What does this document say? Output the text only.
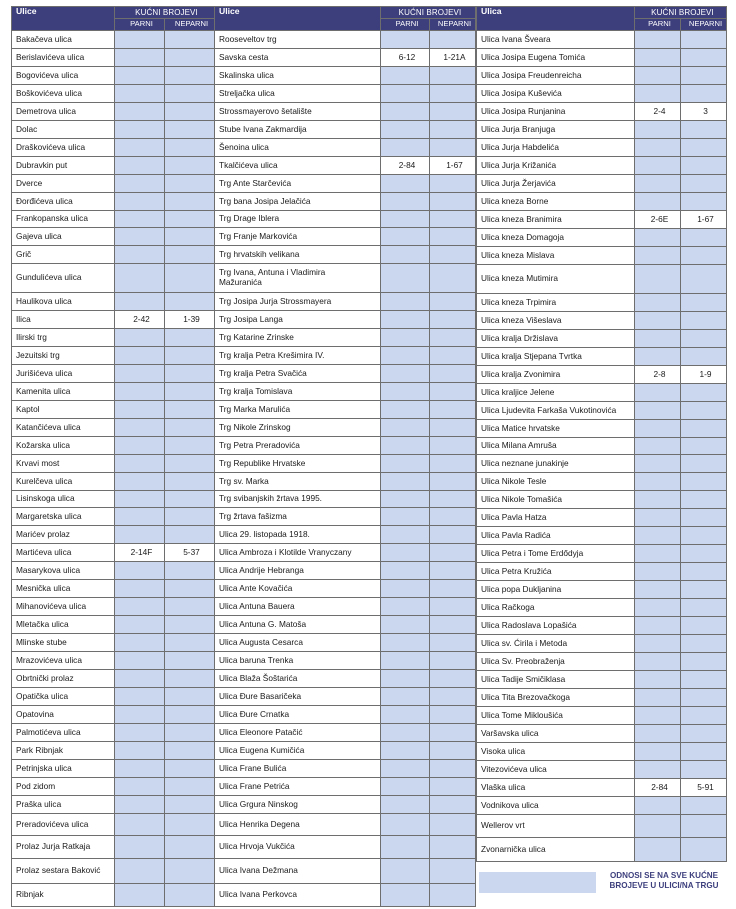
Ulice	KUĆNI BROJEVI	
	PARNI	NEPARNI
Bakačeva ulica		
Berislavićeva ulica		
Bogovićeva ulica		
Boškovićeva ulica		
Demetrova ulica		
Dolac		
Draškovićeva ulica		
Dubravkin put		
Dverce		
Đorđićeva ulica		
Frankopanska ulica		
Gajeva ulica		
Grič		
Gundulićeva ulica		
Haulikova ulica		
Ilica	2-42	1-39
Ilirski trg		
Jezuitski trg		
Jurišićeva ulica		
Kamenita ulica		
Kaptol		
Katančićeva ulica		
Kožarska ulica		
Krvavi most		
Kurelčeva ulica		
Lisinskoga ulica		
Margaretska ulica		
Marićev prolaz		
Martićeva ulica	2-14F	5-37
Masarykova ulica		
Mesnička ulica		
Mihanovićeva ulica		
Mletačka ulica		
Mlinske stube		
Mrazovićeva ulica		
Obrtnički prolaz		
Opatička ulica		
Opatovina		
Palmotićeva ulica		
Park Ribnjak		
Petrinjska ulica		
Pod zidom		
Praška ulica		
Preradovićeva ulica		
Prolaz Jurja Ratkaja		
Prolaz sestara Baković		
Ribnjak		
Ulice	KUĆNI BROJEVI	
	PARNI	NEPARNI
Rooseveltov trg		
Savska cesta	6-12	1-21A
Skalinska ulica		
Streljačka ulica		
Strossmayerovo šetalište		
Stube Ivana Zakmardija		
Šenoina ulica		
Tkalčićeva ulica	2-84	1-67
Trg Ante Starčevića		
Trg bana Josipa Jelačića		
Trg Drage Iblera		
Trg Franje Markovića		
Trg hrvatskih velikana		

Trg Ivana, Antuna i Vladimira
Mažuranića		

Trg Josipa Jurja Strossmayera		
Trg Josipa Langa		
Trg Katarine Zrinske		
Trg kralja Petra Krešimira IV.		
Trg kralja Petra Svačića		
Trg kralja Tomislava		
Trg Marka Marulića		
Trg Nikole Zrinskog		
Trg Petra Preradovića		
Trg Republike Hrvatske		
Trg sv. Marka		
Trg svibanjskih žrtava 1995.		
Trg žrtava fašizma		
Ulica 29. listopada 1918.		
Ulica Ambroza i Klotilde Vranyczany		
Ulica Andrije Hebranga		
Ulica Ante Kovačića		
Ulica Antuna Bauera		
Ulica Antuna G. Matoša		
Ulica Augusta Cesarca		
Ulica baruna Trenka		
Ulica Blaža Šoštarića		
Ulica Đure Basaričeka		
Ulica Đure Crnatka		
Ulica Eleonore Patačić		
Ulica Eugena Kumičića		
Ulica Frane Bulića		
Ulica Frane Petrića		
Ulica Grgura Ninskog		
Ulica Henrika Degena		
Ulica Hrvoja Vukčića		
Ulica Ivana Dežmana		
Ulica Ivana Perkovca		
Ulica	KUĆNI BROJEVI	
	PARNI	NEPARNI
Ulica Ivana Šveara		
Ulica Josipa Eugena Tomića		
Ulica Josipa Freudenreicha		
Ulica Josipa Kuševića		
Ulica Josipa Runjanina	2-4	3
Ulica Jurja Branjuga		
Ulica Jurja Habdelića		
Ulica Jurja Križanića		
Ulica Jurja Žerjavića		
Ulica kneza Borne		
Ulica kneza Branimira	2-6E	1-67
Ulica kneza Domagoja		
Ulica kneza Mislava		
Ulica kneza Mutimira		
Ulica kneza Trpimira		
Ulica kneza Višeslava		
Ulica kralja Držislava		
Ulica kralja Stjepana Tvrtka		
Ulica kralja Zvonimira	2-8	1-9
Ulica kraljice Jelene		
Ulica Ljudevita Farkaša Vukotinovića		
Ulica Matice hrvatske		
Ulica Milana Amruša		
Ulica neznane junakinje		
Ulica Nikole Tesle		
Ulica Nikole Tomašića		
Ulica Pavla Hatza		
Ulica Pavla Radića		
Ulica Petra i Tome Erdődyja		
Ulica Petra Kružića		
Ulica popa Dukljanina		
Ulica Račkoga		
Ulica Radoslava Lopašića		
Ulica sv. Ćirila i Metoda		
Ulica Sv. Preobraženja		
Ulica Tadije Smičiklasa		
Ulica Tita Brezovačkoga		
Ulica Tome Mikloušića		
Varšavska ulica		
Visoka ulica		
Vitezovićeva ulica		
Vlaška ulica	2-84	5-91
Vodnikova ulica		
Wellerov vrt		
Zvonarnička ulica		
ODNOSI SE NA SVE KUĆNE
BROJEVE U ULICI/NA TRGU
